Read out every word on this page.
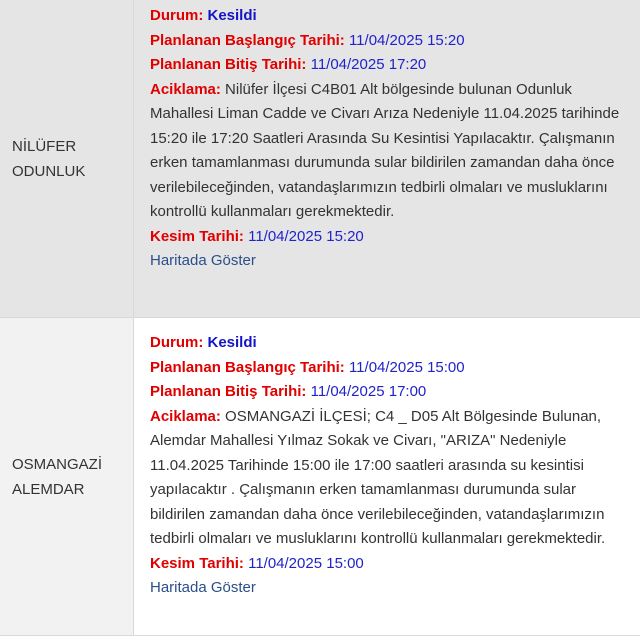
NİLÜFER
ODUNLUK
Durum: Kesildi
Planlanan Başlangıç Tarihi: 11/04/2025 15:20
Planlanan Bitiş Tarihi: 11/04/2025 17:20
Aciklama: Nilüfer İlçesi C4B01 Alt bölgesinde bulunan Odunluk Mahallesi Liman Cadde ve Civarı Arıza Nedeniyle 11.04.2025 tarihinde 15:20 ile 17:20 Saatleri Arasında Su Kesintisi Yapılacaktır. Çalışmanın erken tamamlanması durumunda sular bildirilen zamandan daha önce verilebileceğinden, vatandaşlarımızın tedbirli olmaları ve musluklarını kontrollü kullanmaları gerekmektedir.
Kesim Tarihi: 11/04/2025 15:20
Haritada Göster
OSMANGAZİ
ALEMDAR
Durum: Kesildi
Planlanan Başlangıç Tarihi: 11/04/2025 15:00
Planlanan Bitiş Tarihi: 11/04/2025 17:00
Aciklama: OSMANGAZİ İLÇESİ; C4 _ D05 Alt Bölgesinde Bulunan, Alemdar Mahallesi Yılmaz Sokak ve Civarı, "ARIZA" Nedeniyle 11.04.2025 Tarihinde 15:00 ile 17:00 saatleri arasında su kesintisi yapılacaktır . Çalışmanın erken tamamlanması durumunda sular bildirilen zamandan daha önce verilebileceğinden, vatandaşlarımızın tedbirli olmaları ve musluklarını kontrollü kullanmaları gerekmektedir.
Kesim Tarihi: 11/04/2025 15:00
Haritada Göster
